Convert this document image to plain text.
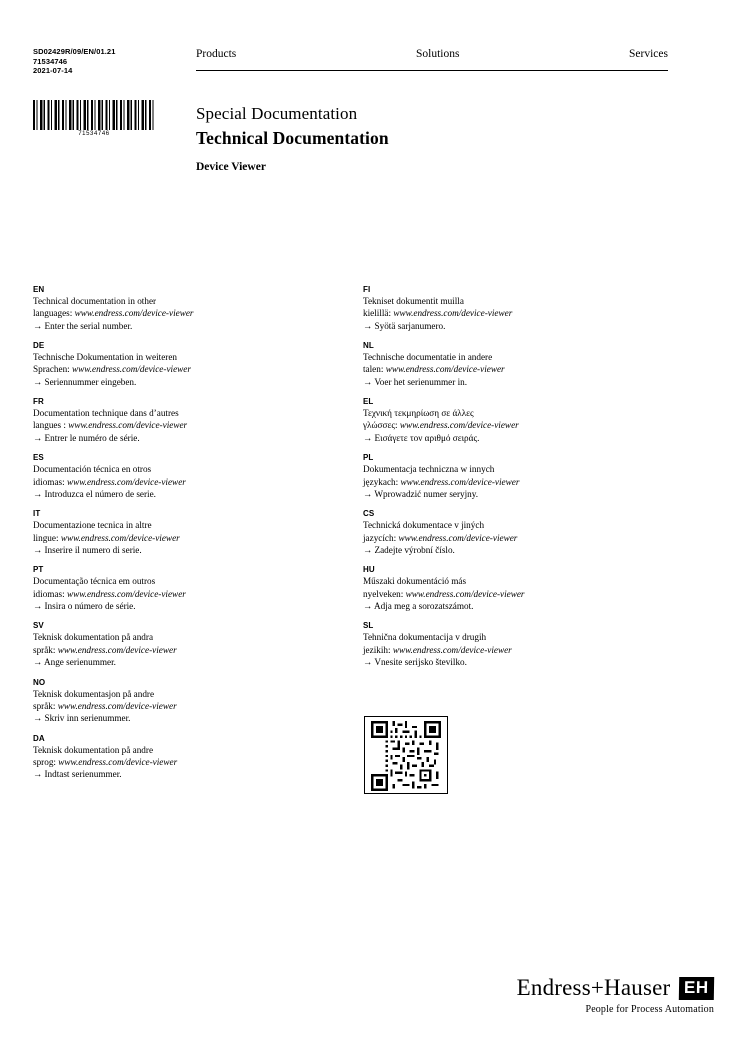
SD02429R/09/EN/01.21
71534746
2021-07-14
Products	Solutions	Services
71534746
Special Documentation
Technical Documentation
Device Viewer
EN
Technical documentation in other
languages: www.endress.com/device-viewer
→ Enter the serial number.
DE
Technische Dokumentation in weiteren
Sprachen: www.endress.com/device-viewer
→ Seriennummer eingeben.
FR
Documentation technique dans d’autres
langues : www.endress.com/device-viewer
→ Entrer le numéro de série.
ES
Documentación técnica en otros
idiomas: www.endress.com/device-viewer
→ Introduzca el número de serie.
IT
Documentazione tecnica in altre
lingue: www.endress.com/device-viewer
→ Inserire il numero di serie.
PT
Documentação técnica em outros
idiomas: www.endress.com/device-viewer
→ Insira o número de série.
SV
Teknisk dokumentation på andra
språk: www.endress.com/device-viewer
→ Ange serienummer.
NO
Teknisk dokumentasjon på andre
språk: www.endress.com/device-viewer
→ Skriv inn serienummer.
DA
Teknisk dokumentation på andre
sprog: www.endress.com/device-viewer
→ Indtast serienummer.
FI
Tekniset dokumentit muilla
kielillä: www.endress.com/device-viewer
→ Syötä sarjanumero.
NL
Technische documentatie in andere
talen: www.endress.com/device-viewer
→ Voer het serienummer in.
EL
Τεχνική τεκμηρίωση σε άλλες
γλώσσες: www.endress.com/device-viewer
→ Εισάγετε τον αριθμό σειράς.
PL
Dokumentacja techniczna w innych
językach: www.endress.com/device-viewer
→ Wprowadzić numer seryjny.
CS
Technická dokumentace v jiných
jazycích: www.endress.com/device-viewer
→ Zadejte výrobní číslo.
HU
Műszaki dokumentáció más
nyelveken: www.endress.com/device-viewer
→ Adja meg a sorozatszámot.
SL
Tehnična dokumentacija v drugih
jezikih: www.endress.com/device-viewer
→ Vnesite serijsko številko.
Endress+Hauser EH
People for Process Automation
